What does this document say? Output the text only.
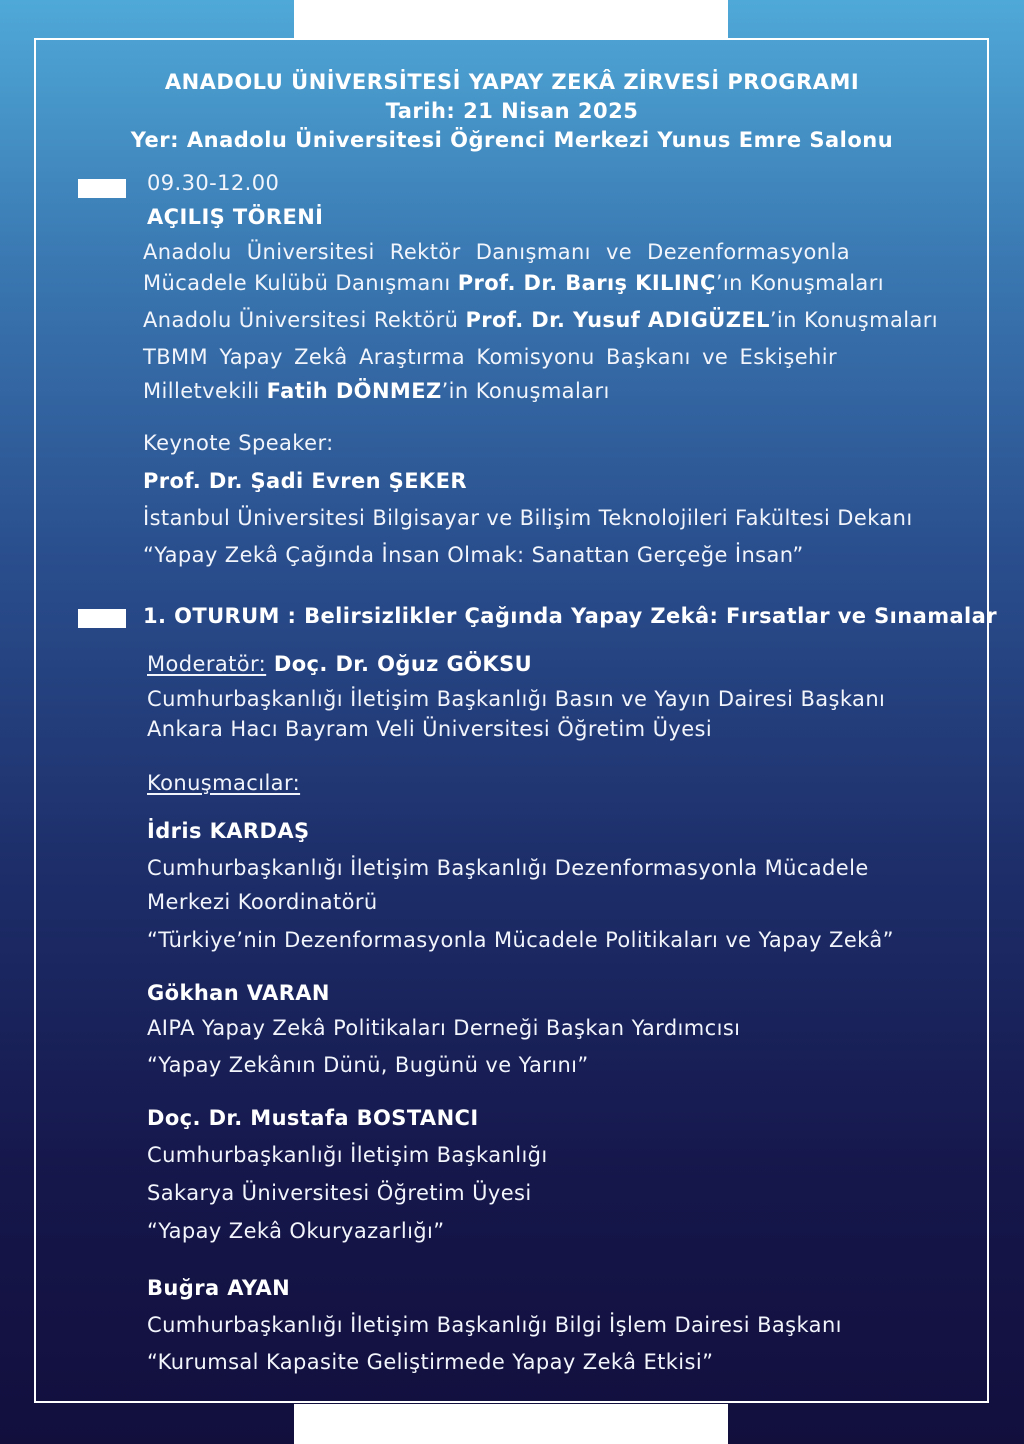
ANADOLU ÜNİVERSİTESİ YAPAY ZEKÂ ZİRVESİ PROGRAMI
Tarih: 21 Nisan 2025
Yer: Anadolu Üniversitesi Öğrenci Merkezi Yunus Emre Salonu
09.30-12.00
AÇILIŞ TÖRENİ
Anadolu Üniversitesi Rektör Danışmanı ve Dezenformasyonla
Mücadele Kulübü Danışmanı Prof. Dr. Barış KILINÇ’ın Konuşmaları
Anadolu Üniversitesi Rektörü Prof. Dr. Yusuf ADIGÜZEL’in Konuşmaları
TBMM Yapay Zekâ Araştırma Komisyonu Başkanı ve Eskişehir
Milletvekili Fatih DÖNMEZ’in Konuşmaları
Keynote Speaker:
Prof. Dr. Şadi Evren ŞEKER
İstanbul Üniversitesi Bilgisayar ve Bilişim Teknolojileri Fakültesi Dekanı
“Yapay Zekâ Çağında İnsan Olmak: Sanattan Gerçeğe İnsan”
1. OTURUM : Belirsizlikler Çağında Yapay Zekâ: Fırsatlar ve Sınamalar
Moderatör: Doç. Dr. Oğuz GÖKSU
Cumhurbaşkanlığı İletişim Başkanlığı Basın ve Yayın Dairesi Başkanı
Ankara Hacı Bayram Veli Üniversitesi Öğretim Üyesi
Konuşmacılar:
İdris KARDAŞ
Cumhurbaşkanlığı İletişim Başkanlığı Dezenformasyonla Mücadele
Merkezi Koordinatörü
“Türkiye’nin Dezenformasyonla Mücadele Politikaları ve Yapay Zekâ”
Gökhan VARAN
AIPA Yapay Zekâ Politikaları Derneği Başkan Yardımcısı
“Yapay Zekânın Dünü, Bugünü ve Yarını”
Doç. Dr. Mustafa BOSTANCI
Cumhurbaşkanlığı İletişim Başkanlığı
Sakarya Üniversitesi Öğretim Üyesi
“Yapay Zekâ Okuryazarlığı”
Buğra AYAN
Cumhurbaşkanlığı İletişim Başkanlığı Bilgi İşlem Dairesi Başkanı
“Kurumsal Kapasite Geliştirmede Yapay Zekâ Etkisi”
